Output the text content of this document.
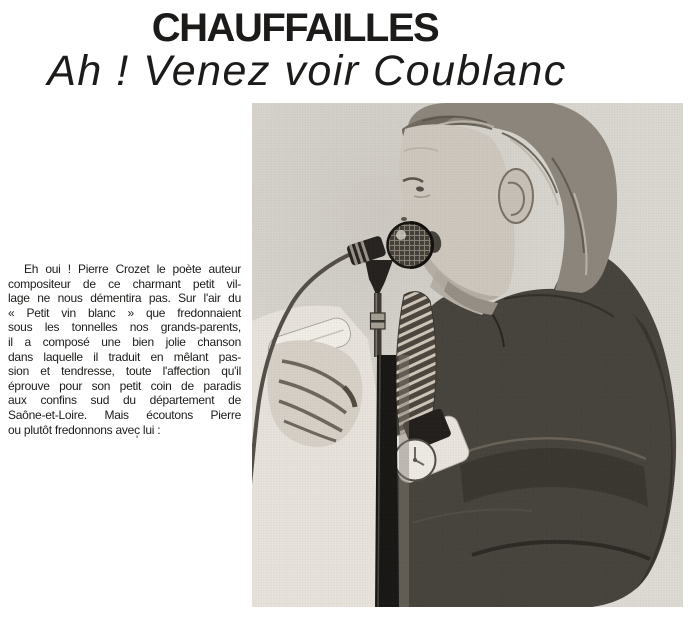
CHAUFFAILLES
Ah ! Venez voir Coublanc
Eh oui ! Pierre Crozet le poète auteur
compositeur de ce charmant petit vil-
lage ne nous démentira pas. Sur l'air du
« Petit vin blanc » que fredonnaient
sous les tonnelles nos grands-parents,
il a composé une bien jolie chanson
dans laquelle il traduit en mêlant pas-
sion et tendresse, toute l'affection qu'il
éprouve pour son petit coin de paradis
aux confins sud du département de
Saône-et-Loire. Mais écoutons Pierre
ou plutôt fredonnons avec lui :
'
